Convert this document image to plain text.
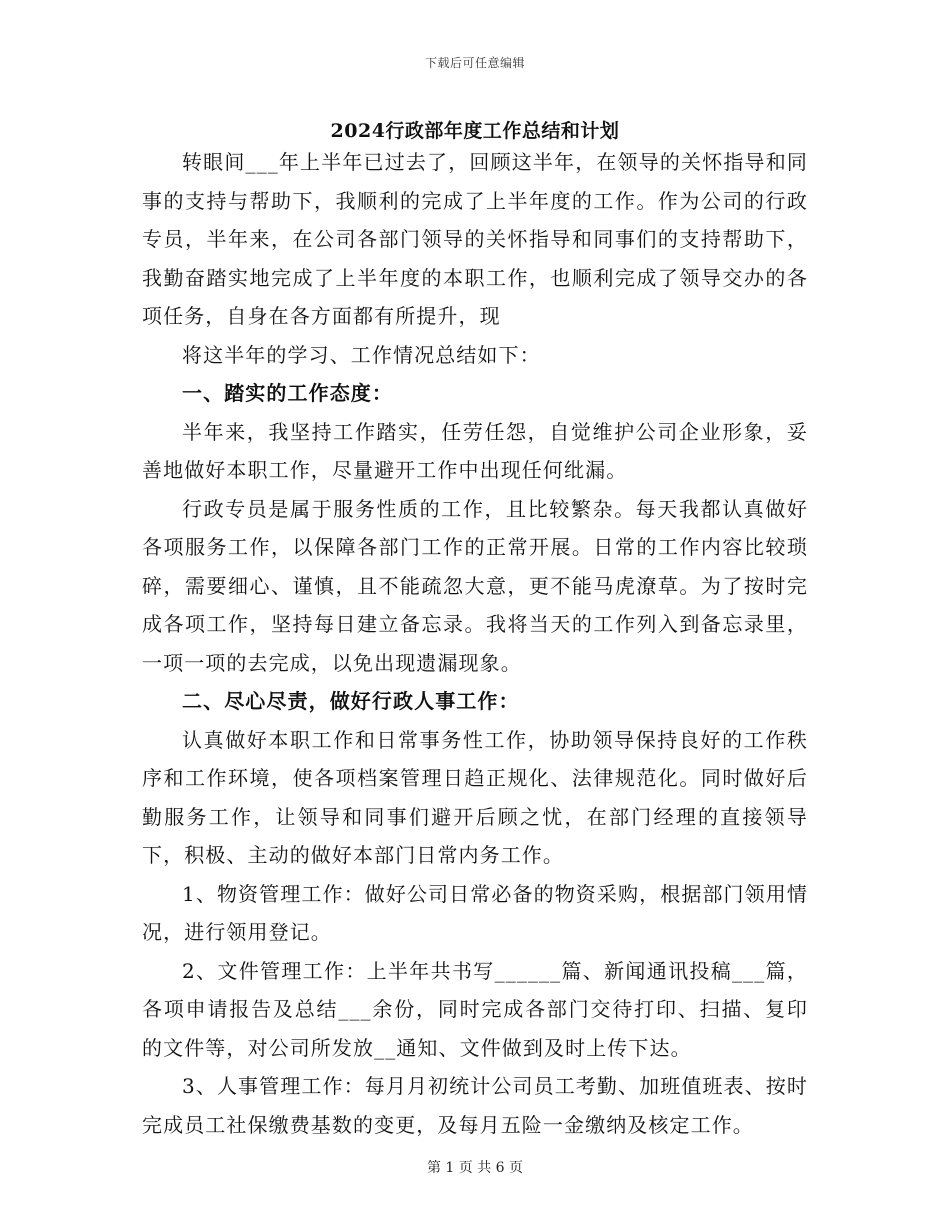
下载后可任意编辑
2024行政部年度工作总结和计划

转眼间___年上半年已过去了，回顾这半年，在领导的关怀指导和同事的支持与帮助下，我顺利的完成了上半年度的工作。作为公司的行政专员，半年来，在公司各部门领导的关怀指导和同事们的支持帮助下，我勤奋踏实地完成了上半年度的本职工作，也顺利完成了领导交办的各项任务，自身在各方面都有所提升，现

将这半年的学习、工作情况总结如下：

一、踏实的工作态度：

半年来，我坚持工作踏实，任劳任怨，自觉维护公司企业形象，妥善地做好本职工作，尽量避开工作中出现任何纰漏。

行政专员是属于服务性质的工作，且比较繁杂。每天我都认真做好各项服务工作，以保障各部门工作的正常开展。日常的工作内容比较琐碎，需要细心、谨慎，且不能疏忽大意，更不能马虎潦草。为了按时完成各项工作，坚持每日建立备忘录。我将当天的工作列入到备忘录里，一项一项的去完成，以免出现遗漏现象。

二、尽心尽责，做好行政人事工作：

认真做好本职工作和日常事务性工作，协助领导保持良好的工作秩序和工作环境，使各项档案管理日趋正规化、法律规范化。同时做好后勤服务工作，让领导和同事们避开后顾之忧，在部门经理的直接领导下，积极、主动的做好本部门日常内务工作。

1、物资管理工作：做好公司日常必备的物资采购，根据部门领用情况，进行领用登记。

2、文件管理工作：上半年共书写______篇、新闻通讯投稿___篇，各项申请报告及总结___余份，同时完成各部门交待打印、扫描、复印的文件等，对公司所发放__通知、文件做到及时上传下达。

3、人事管理工作：每月月初统计公司员工考勤、加班值班表、按时完成员工社保缴费基数的变更，及每月五险一金缴纳及核定工作。

第 1 页 共 6 页
